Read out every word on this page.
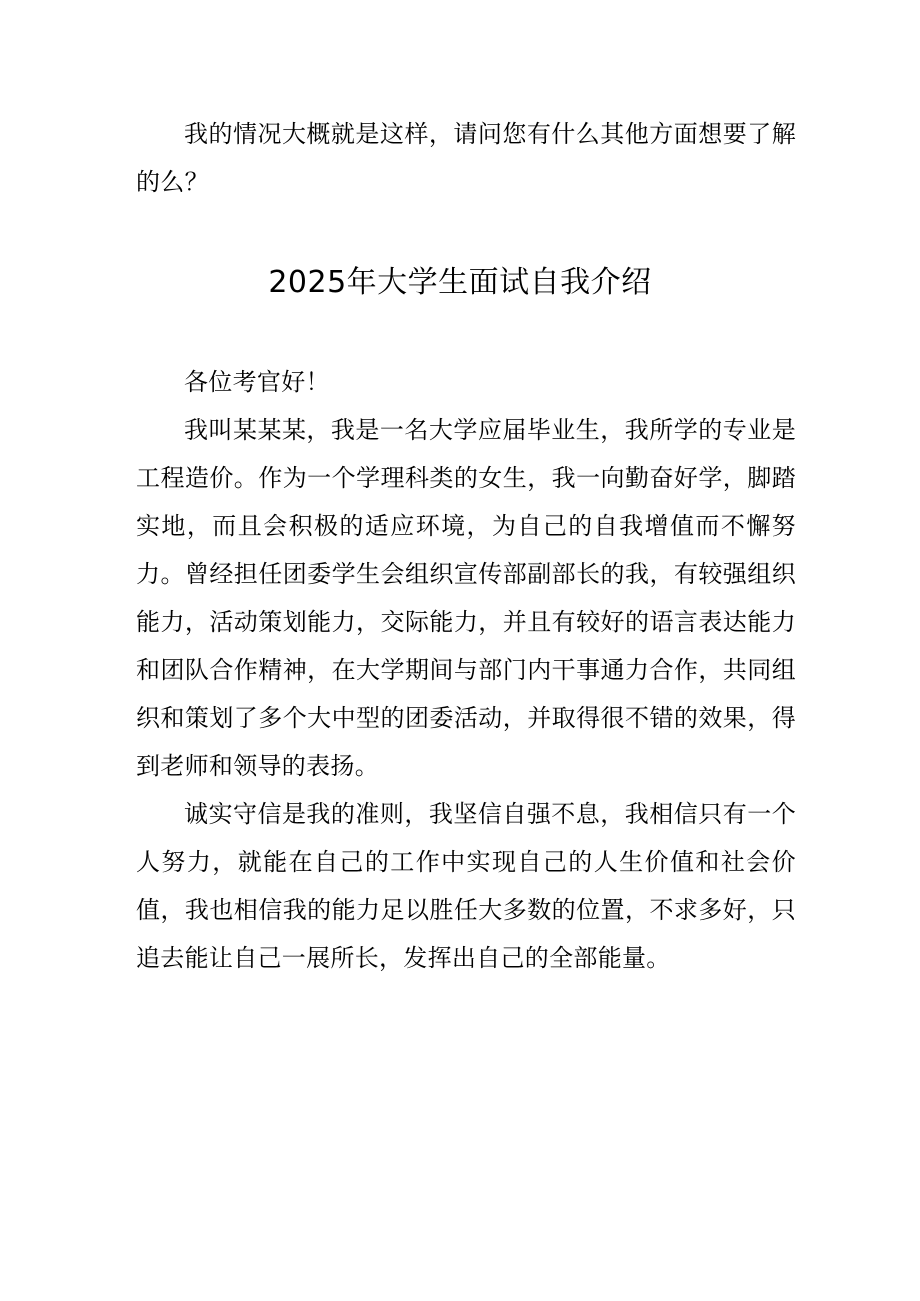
我的情况大概就是这样，请问您有什么其他方面想要了解的么？

2025年大学生面试自我介绍

各位考官好！

我叫某某某，我是一名大学应届毕业生，我所学的专业是工程造价。作为一个学理科类的女生，我一向勤奋好学，脚踏实地，而且会积极的适应环境，为自己的自我增值而不懈努力。曾经担任团委学生会组织宣传部副部长的我，有较强组织能力，活动策划能力，交际能力，并且有较好的语言表达能力和团队合作精神，在大学期间与部门内干事通力合作，共同组织和策划了多个大中型的团委活动，并取得很不错的效果，得到老师和领导的表扬。

诚实守信是我的准则，我坚信自强不息，我相信只有一个人努力，就能在自己的工作中实现自己的人生价值和社会价值，我也相信我的能力足以胜任大多数的位置，不求多好，只追去能让自己一展所长，发挥出自己的全部能量。
